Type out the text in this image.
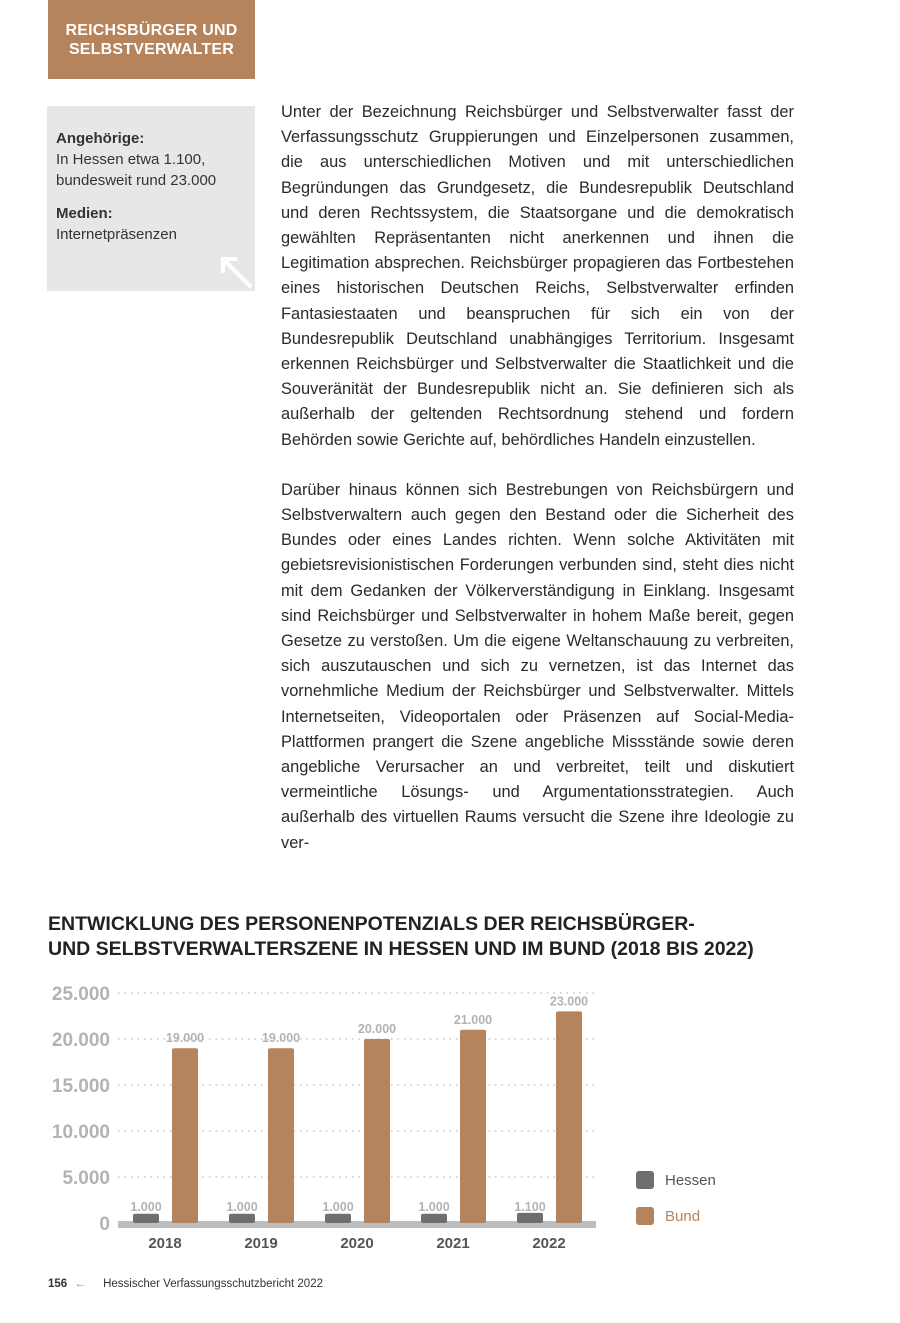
REICHSBÜRGER UND
SELBSTVERWALTER
Angehörige:
In Hessen etwa 1.100,
bundesweit rund 23.000
Medien:
Internetpräsenzen

Unter der Bezeichnung Reichsbürger und Selbstverwalter fasst der Verfassungsschutz Gruppierungen und Einzelpersonen zusammen, die aus unterschiedlichen Motiven und mit unterschiedlichen Begründungen das Grundgesetz, die Bundesrepublik Deutschland und deren Rechtssystem, die Staatsorgane und die demokratisch gewählten Repräsentanten nicht anerkennen und ihnen die Legitimation absprechen. Reichsbürger propagieren das Fortbestehen eines historischen Deutschen Reichs, Selbstverwalter erfinden Fantasiestaaten und beanspruchen für sich ein von der Bundesrepublik Deutschland unabhängiges Territorium. Insgesamt erkennen Reichsbürger und Selbstverwalter die Staatlichkeit und die Souveränität der Bundesrepublik nicht an. Sie definieren sich als außerhalb der geltenden Rechtsordnung stehend und fordern Behörden sowie Gerichte auf, behördliches Handeln einzustellen.

Darüber hinaus können sich Bestrebungen von Reichsbürgern und Selbstverwaltern auch gegen den Bestand oder die Sicherheit des Bundes oder eines Landes richten. Wenn solche Aktivitäten mit gebietsrevisionistischen Forderungen verbunden sind, steht dies nicht mit dem Gedanken der Völkerverständigung in Einklang. Insgesamt sind Reichsbürger und Selbstverwalter in hohem Maße bereit, gegen Gesetze zu verstoßen. Um die eigene Weltanschauung zu verbreiten, sich auszutauschen und sich zu vernetzen, ist das Internet das vornehmliche Medium der Reichsbürger und Selbstverwalter. Mittels Internetseiten, Videoportalen oder Präsenzen auf Social-Media-Plattformen prangert die Szene angebliche Missstände sowie deren angebliche Verursacher an und verbreitet, teilt und diskutiert vermeintliche Lösungs- und Argumentationsstrategien. Auch außerhalb des virtuellen Raums versucht die Szene ihre Ideologie zu ver-

ENTWICKLUNG DES PERSONENPOTENZIALS DER REICHSBÜRGER-
UND SELBSTVERWALTERSZENE IN HESSEN UND IM BUND (2018 BIS 2022)
0
5.000
10.000
15.000
20.000
25.000
1.000
19.000
2018
1.000
19.000
2019
1.000
20.000
2020
1.000
21.000
2021
1.100
23.000
2022
Hessen
Bund
156 ← Hessischer Verfassungsschutzbericht 2022
